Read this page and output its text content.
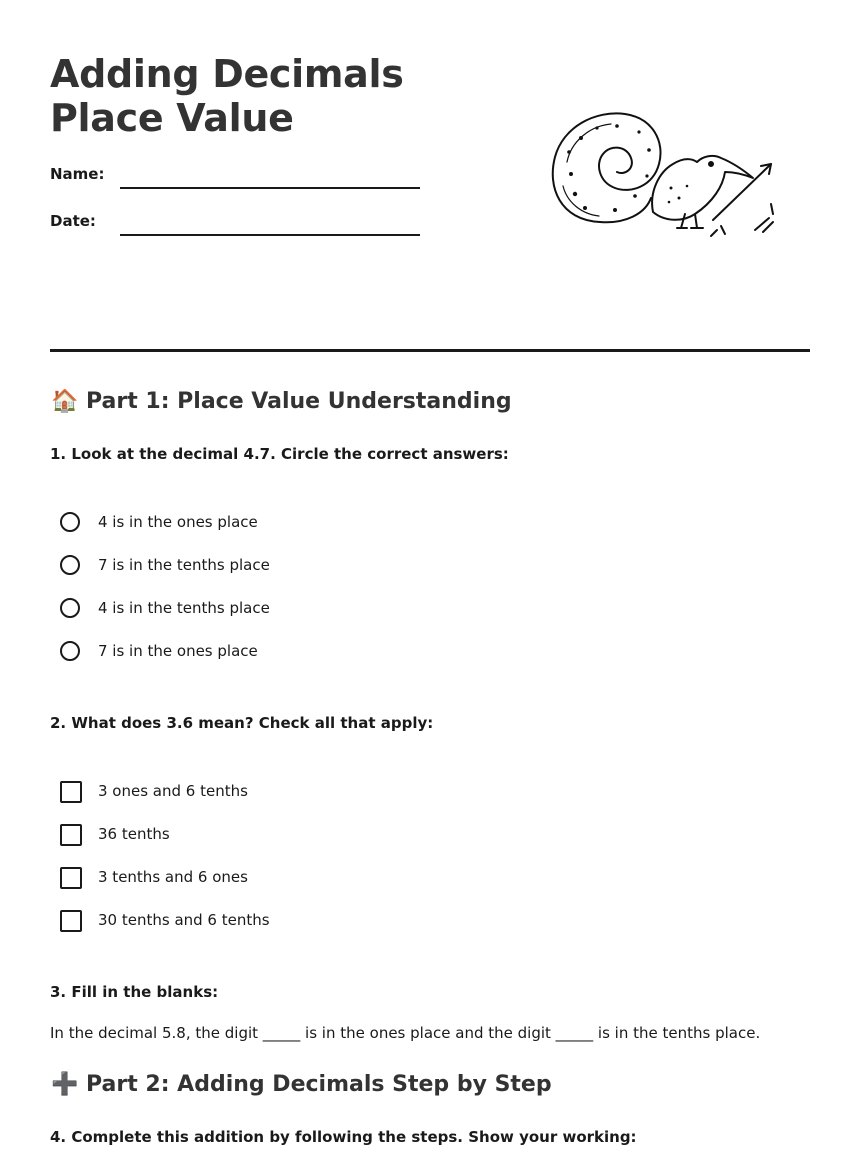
Adding Decimals Place Value
Name:
Date:
🏠 Part 1: Place Value Understanding
1. Look at the decimal 4.7. Circle the correct answers:
4 is in the ones place
7 is in the tenths place
4 is in the tenths place
7 is in the ones place
2. What does 3.6 mean? Check all that apply:
3 ones and 6 tenths
36 tenths
3 tenths and 6 ones
30 tenths and 6 tenths
3. Fill in the blanks:
In the decimal 5.8, the digit _____ is in the ones place and the digit _____ is in the tenths place.
➕ Part 2: Adding Decimals Step by Step
4. Complete this addition by following the steps. Show your working:
